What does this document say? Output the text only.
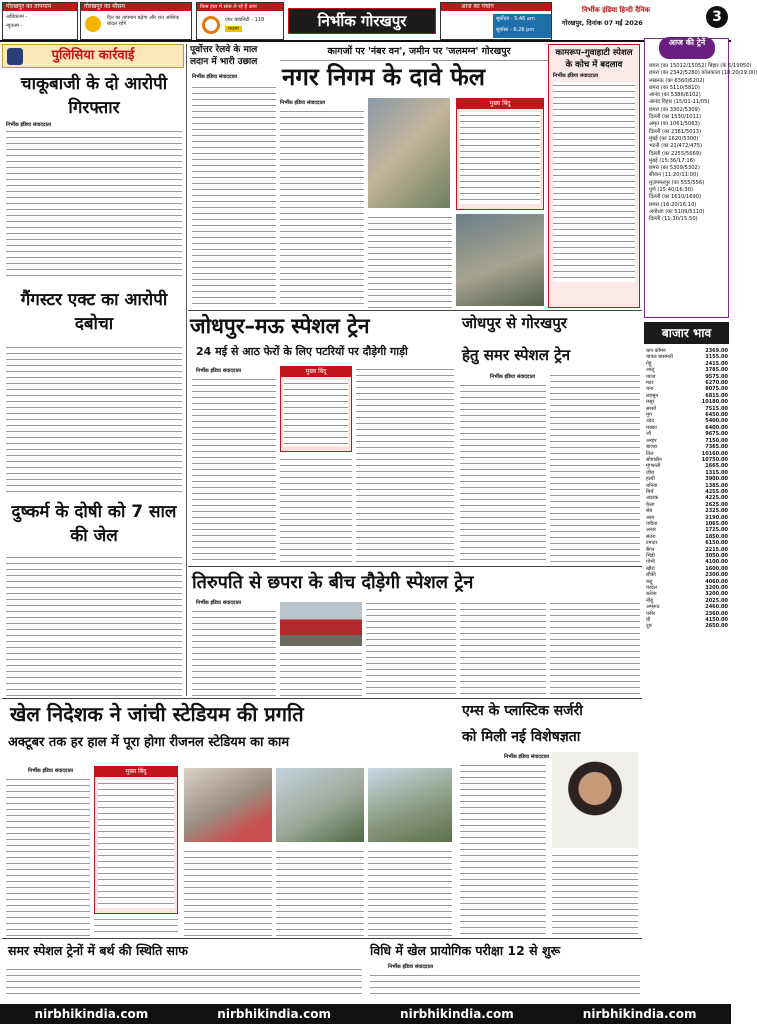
गोरखपुर का तापमान
अधिकतम -
न्यूनतम -
गोरखपुर का मौसम
दिन का तापमान बढ़ेगा और रात आंशिक बादल रहेंगे
किस हाल में सांस ले रहे हैं आप
एयर क्वालिटी - 118
मध्यम	निर्भीक गोरखपुर
आज का पंचांग
सूर्योदय - 5:46 am
सूर्यास्त - 6:26 pm
निर्भीक इंडिया हिन्दी दैनिक
गोरखपुर, दिनांक 07 मई 2026	3
पुलिसिया कार्रवाई
चाकूबाजी के दो आरोपी गिरफ्तार
निर्भीक इंडिया संवाददाता
गैंगस्टर एक्ट का आरोपी दबोचा
दुष्कर्म के दोषी को 7 साल की जेल
पूर्वोत्तर रेलवे के माल लदान में भारी उछाल
निर्भीक इंडिया संवाददाता
कागजों पर 'नंबर वन', जमीन पर 'जलमग्न' गोरखपुर
नगर निगम के दावे फेल
निर्भीक इंडिया संवाददाता	मुख्य बिंदु
कामरूप–गुवाहाटी स्पेशल के कोच में बदलाव
निर्भीक इंडिया संवाददाता
आज की ट्रेनें
छपरा (का 15012/15052) बिहार (के 5/19050)
छपरा (का 2342/5280) कोलकाता (18:20/19:00)
लखनऊ (का 6360/6202)
छपरा (का 5110/5810)
आनंद (का 5386/6102)
आनंद विहार (15/01-11/05)
छपरा (का 3302/5309)
दिल्ली (का 1530/1011)
अमृत (का 1061/5063)
दिल्ली (का 2381/5013)
मुंबई (का 1620/5300)
भटनी (का 21/472/475)
दिल्ली (का 2255/5669)
मुंबई (15:36/17:16)
छपरा (का 5309/5302)
सीवान (11:20/11:00)
मुज़फ्फरपुर (का 555/556)
पुणे (15:40/16:30)
दिल्ली (का 1610/1690)
छपरा (16:20/16:10)
अयोध्या (का 5109/5110)
दिल्ली (11:30/15:50)
बाजार भाव
धान कॉमन	2369.00
चावल बासमती	3155.00
गेहूं	2415.00
आलू	3785.00
प्याज	9575.00
मटर	6270.00
चना	8075.00
लहसुन	6815.00
मसूर	10180.00
सरसों	7515.00
मूंग	6450.00
उड़द	5400.00
मक्का	6400.00
जौ	9675.00
अरहर	7150.00
बाजरा	7365.00
तिल	10160.00
सोयाबीन	10750.00
मूंगफली	1665.00
जीरा	1315.00
हल्दी	3900.00
धनिया	1385.00
मिर्च	4255.00
अदरक	4225.00
केला	2625.00
सेब	2325.00
आम	2190.00
पपीता	1065.00
अनार	1725.00
संतरा	1850.00
टमाटर	6150.00
बैंगन	2215.00
भिंडी	3050.00
गोभी	4100.00
खीरा	1600.00
लौकी	2300.00
कद्दू	4060.00
परवल	3200.00
करेला	3200.00
नींबू	2025.00
अमरूद	2460.00
पनीर	2360.00
घी	4150.00
दूध	2650.00
जोधपुर–मऊ स्पेशल ट्रेन
24 मई से आठ फेरों के लिए पटरियों पर दौड़ेगी गाड़ी
निर्भीक इंडिया संवाददाता	मुख्य बिंदु
जोधपुर से गोरखपुर
हेतु समर स्पेशल ट्रेन
निर्भीक इंडिया संवाददाता
तिरुपति से छपरा के बीच दौड़ेगी स्पेशल ट्रेन
निर्भीक इंडिया संवाददाता
खेल निदेशक ने जांची स्टेडियम की प्रगति
अक्टूबर तक हर हाल में पूरा होगा रीजनल स्टेडियम का काम
निर्भीक इंडिया संवाददाता	मुख्य बिंदु
एम्स के प्लास्टिक सर्जरी
को मिली नई विशेषज्ञता
निर्भीक इंडिया संवाददाता
समर स्पेशल ट्रेनों में बर्थ की स्थिति साफ	विधि में खेल प्रायोगिक परीक्षा 12 से शुरू
निर्भीक इंडिया संवाददाता
nirbhikindia.com	nirbhikindia.com	nirbhikindia.com	nirbhikindia.com
